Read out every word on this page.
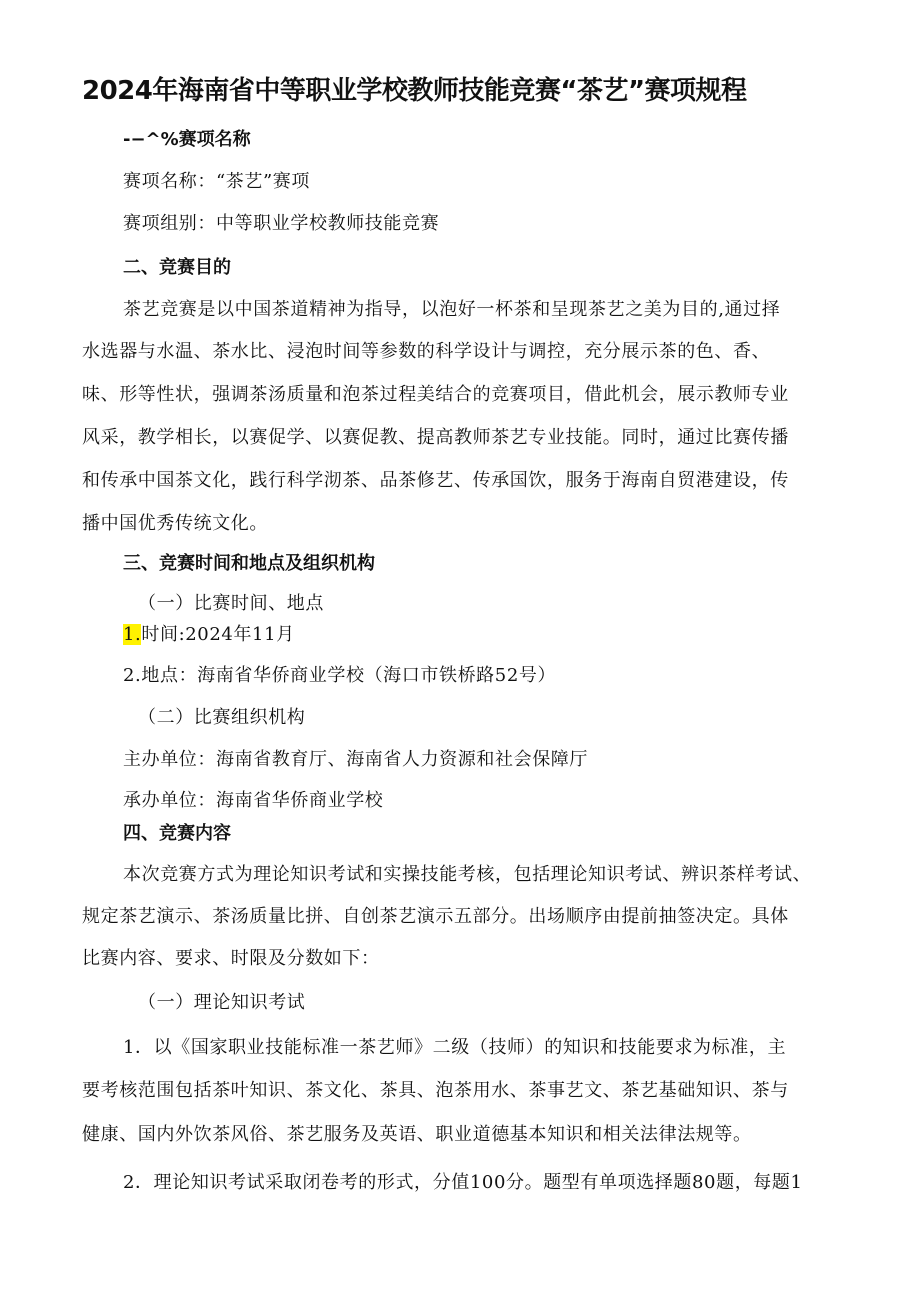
2024年海南省中等职业学校教师技能竞赛“茶艺”赛项规程
-−^%赛项名称
赛项名称：“茶艺”赛项
赛项组别：中等职业学校教师技能竞赛
二、竞赛目的
茶艺竞赛是以中国茶道精神为指导，以泡好一杯茶和呈现茶艺之美为目的,通过择
水选器与水温、茶水比、浸泡时间等参数的科学设计与调控，充分展示茶的色、香、
味、形等性状，强调茶汤质量和泡茶过程美结合的竞赛项目，借此机会，展示教师专业
风采，教学相长，以赛促学、以赛促教、提高教师茶艺专业技能。同时，通过比赛传播
和传承中国茶文化，践行科学沏茶、品茶修艺、传承国饮，服务于海南自贸港建设，传
播中国优秀传统文化。
三、竞赛时间和地点及组织机构
（一）比赛时间、地点
1.时间:2024年11月
2.地点：海南省华侨商业学校（海口市铁桥路52号）
（二）比赛组织机构
主办单位：海南省教育厅、海南省人力资源和社会保障厅
承办单位：海南省华侨商业学校
四、竞赛内容
本次竞赛方式为理论知识考试和实操技能考核，包括理论知识考试、辨识茶样考试、
规定茶艺演示、茶汤质量比拼、自创茶艺演示五部分。出场顺序由提前抽签决定。具体
比赛内容、要求、时限及分数如下：
（一）理论知识考试
1．以《国家职业技能标准一茶艺师》二级（技师）的知识和技能要求为标准，主
要考核范围包括茶叶知识、茶文化、茶具、泡茶用水、茶事艺文、茶艺基础知识、茶与
健康、国内外饮茶风俗、茶艺服务及英语、职业道德基本知识和相关法律法规等。
2．理论知识考试采取闭卷考的形式，分值100分。题型有单项选择题80题，每题1
